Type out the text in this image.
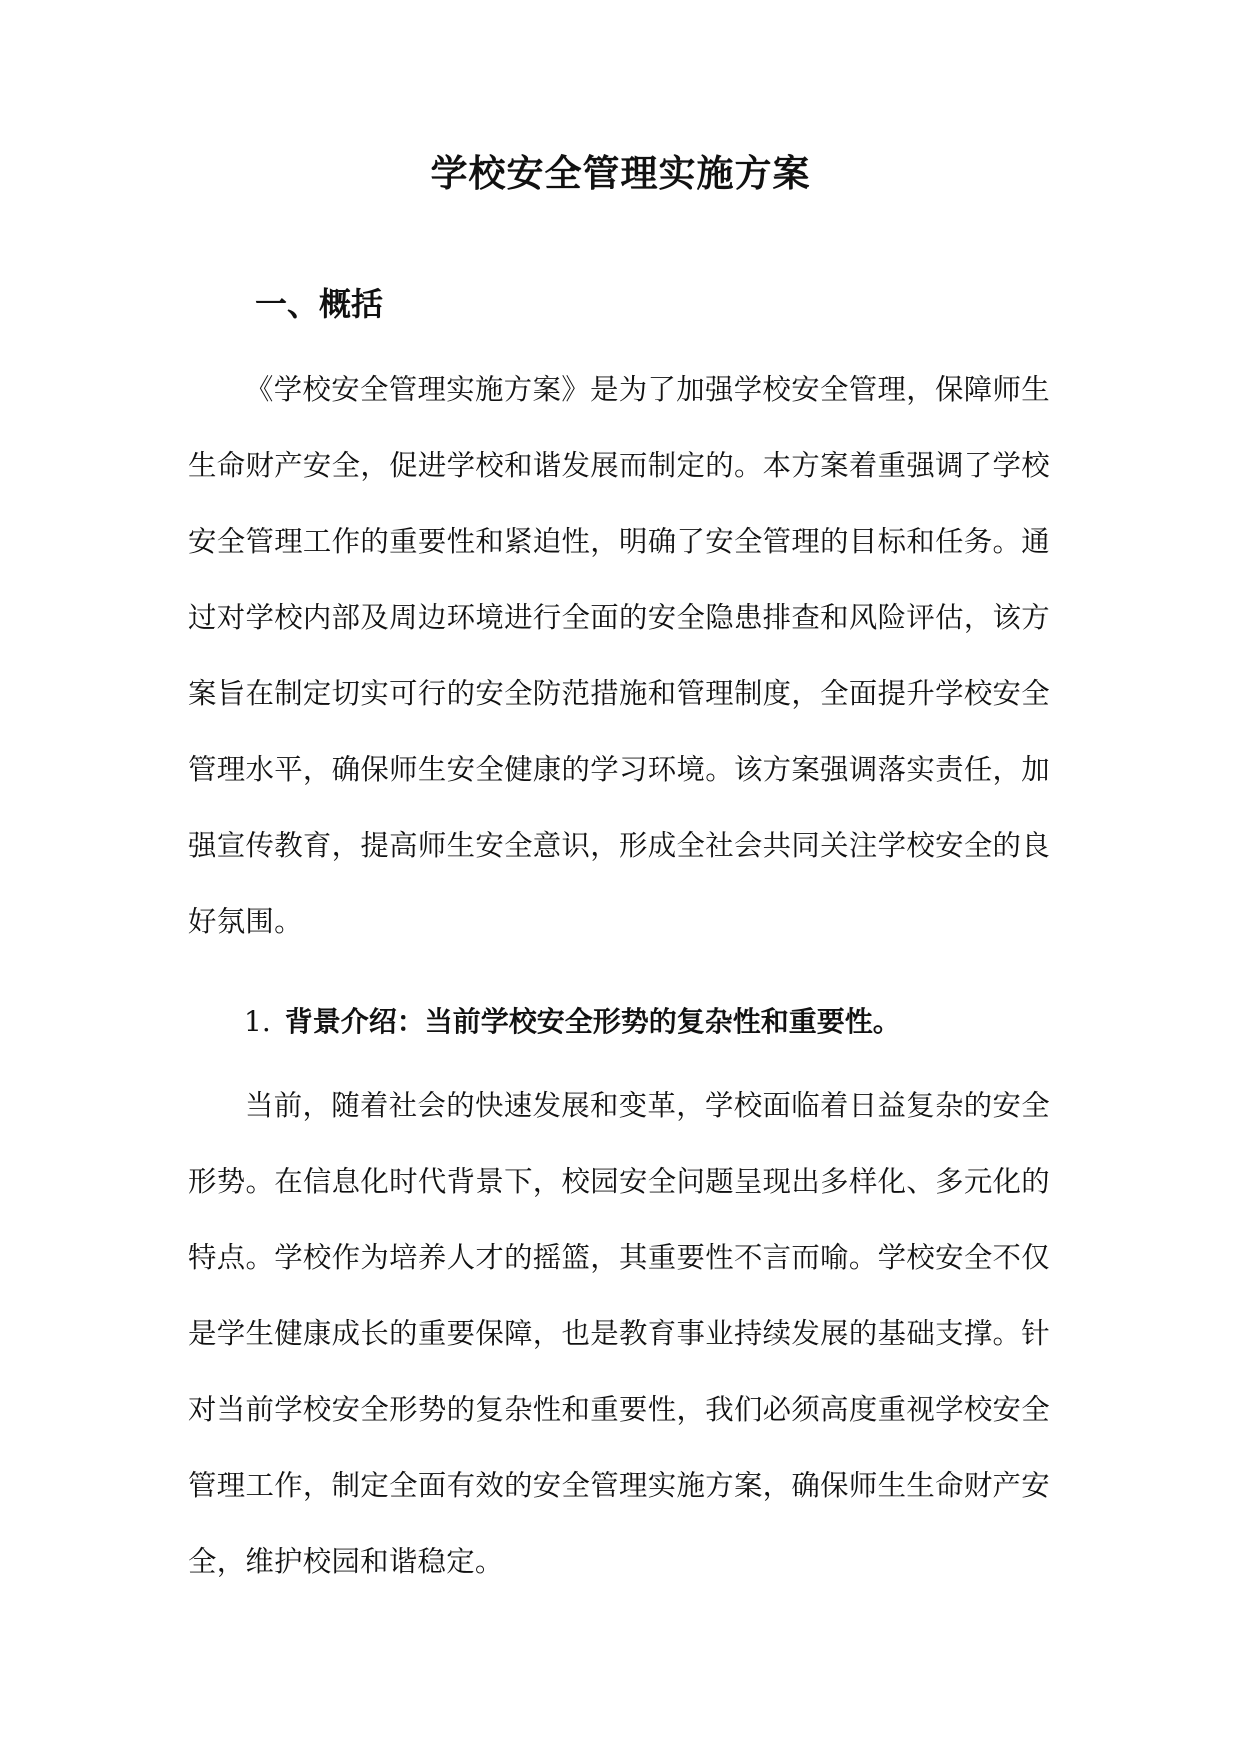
学校安全管理实施方案
一、概括

《学校安全管理实施方案》是为了加强学校安全管理，保障师生生命财产安全，促进学校和谐发展而制定的。本方案着重强调了学校安全管理工作的重要性和紧迫性，明确了安全管理的目标和任务。通过对学校内部及周边环境进行全面的安全隐患排查和风险评估，该方案旨在制定切实可行的安全防范措施和管理制度，全面提升学校安全管理水平，确保师生安全健康的学习环境。该方案强调落实责任，加强宣传教育，提高师生安全意识，形成全社会共同关注学校安全的良好氛围。

1. 背景介绍：当前学校安全形势的复杂性和重要性。

当前，随着社会的快速发展和变革，学校面临着日益复杂的安全形势。在信息化时代背景下，校园安全问题呈现出多样化、多元化的特点。学校作为培养人才的摇篮，其重要性不言而喻。学校安全不仅是学生健康成长的重要保障，也是教育事业持续发展的基础支撑。针对当前学校安全形势的复杂性和重要性，我们必须高度重视学校安全管理工作，制定全面有效的安全管理实施方案，确保师生生命财产安全，维护校园和谐稳定。
